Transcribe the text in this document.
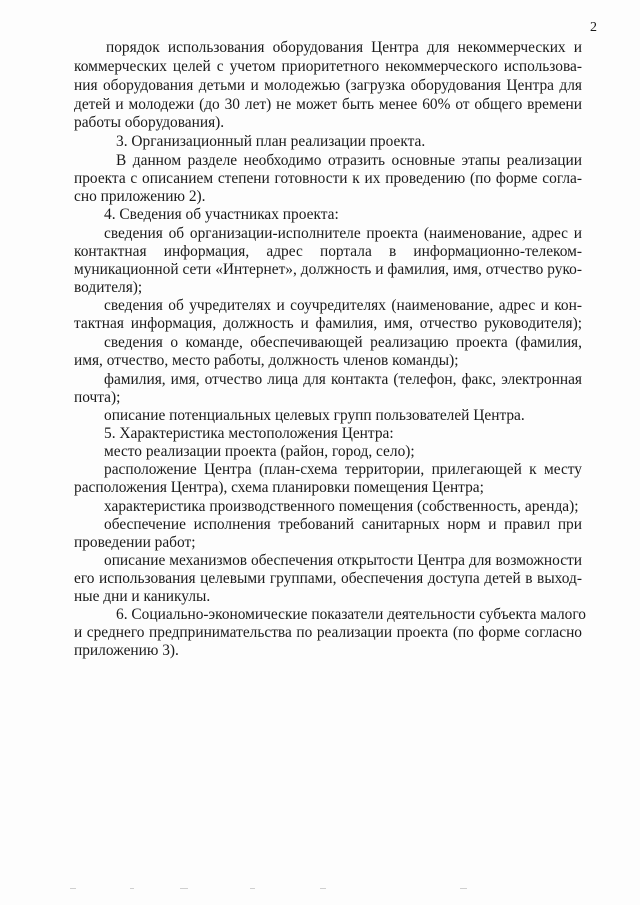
2
порядок использования оборудования Центра для некоммерческих и
коммерческих целей с учетом приоритетного некоммерческого использова-
ния оборудования детьми и молодежью (загрузка оборудования Центра для
детей и молодежи (до 30 лет) не может быть менее 60% от общего времени
работы оборудования).
3. Организационный план реализации проекта.
В данном разделе необходимо отразить основные этапы реализации
проекта с описанием степени готовности к их проведению (по форме согла-
сно приложению 2).
4. Сведения об участниках проекта:
сведения об организации-исполнителе проекта (наименование, адрес и
контактная информация, адрес портала в информационно-телеком-
муникационной сети «Интернет», должность и фамилия, имя, отчество руко-
водителя);
сведения об учредителях и соучредителях (наименование, адрес и кон-
тактная информация, должность и фамилия, имя, отчество руководителя);
сведения о команде, обеспечивающей реализацию проекта (фамилия,
имя, отчество, место работы, должность членов команды);
фамилия, имя, отчество лица для контакта (телефон, факс, электронная
почта);
описание потенциальных целевых групп пользователей Центра.
5. Характеристика местоположения Центра:
место реализации проекта (район, город, село);
расположение Центра (план-схема территории, прилегающей к месту
расположения Центра), схема планировки помещения Центра;
характеристика производственного помещения (собственность, аренда);
обеспечение исполнения требований санитарных норм и правил при
проведении работ;
описание механизмов обеспечения открытости Центра для возможности
его использования целевыми группами, обеспечения доступа детей в выход-
ные дни и каникулы.
6. Социально-экономические показатели деятельности субъекта малого
и среднего предпринимательства по реализации проекта (по форме согласно
приложению 3).
